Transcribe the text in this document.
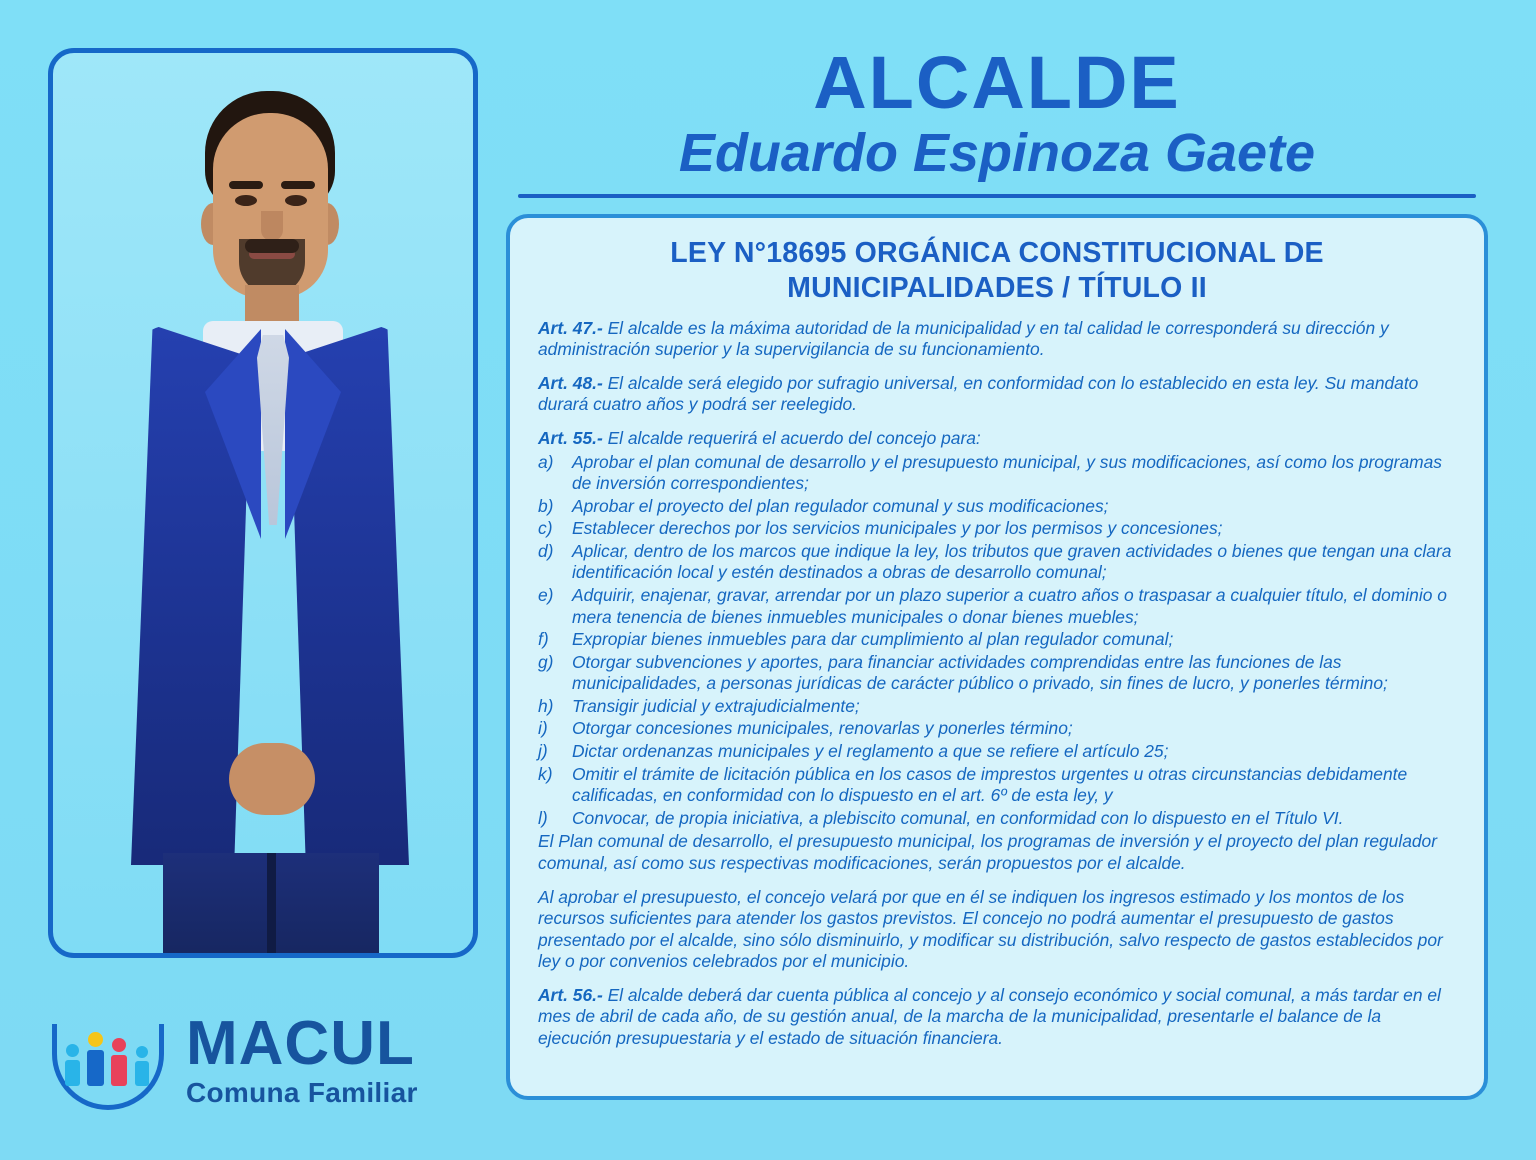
MACUL
Comuna Familiar
ALCALDE
Eduardo Espinoza Gaete
LEY N°18695 ORGÁNICA CONSTITUCIONAL DE MUNICIPALIDADES / TÍTULO II

Art. 47.- El alcalde es la máxima autoridad de la municipalidad y en tal calidad le corresponderá su dirección y administración superior y la supervigilancia de su funcionamiento.

Art. 48.- El alcalde será elegido por sufragio universal, en conformidad con lo establecido en esta ley. Su mandato durará cuatro años y podrá ser reelegido.

Art. 55.- El alcalde requerirá el acuerdo del concejo para:

a)	Aprobar el plan comunal de desarrollo y el presupuesto municipal, y sus modificaciones, así como los programas de inversión correspondientes;
b)	Aprobar el proyecto del plan regulador comunal y sus modificaciones;
c)	Establecer derechos por los servicios municipales y por los permisos y concesiones;
d)	Aplicar, dentro de los marcos que indique la ley, los tributos que graven actividades o bienes que tengan una clara identificación local y estén destinados a obras de desarrollo comunal;
e)	Adquirir, enajenar, gravar, arrendar por un plazo superior a cuatro años o traspasar a cualquier título, el dominio o mera tenencia de bienes inmuebles municipales o donar bienes muebles;
f)	Expropiar bienes inmuebles para dar cumplimiento al plan regulador comunal;
g)	Otorgar subvenciones y aportes, para financiar actividades comprendidas entre las funciones de las municipalidades, a personas jurídicas de carácter público o privado, sin fines de lucro, y ponerles término;
h)	Transigir judicial y extrajudicialmente;
i)	Otorgar concesiones municipales, renovarlas y ponerles término;
j)	Dictar ordenanzas municipales y el reglamento a que se refiere el artículo 25;
k)	Omitir el trámite de licitación pública en los casos de imprestos urgentes u otras circunstancias debidamente calificadas, en conformidad con lo dispuesto en el art. 6º de esta ley, y
l)	Convocar, de propia iniciativa, a plebiscito comunal, en conformidad con lo dispuesto en el Título VI.

El Plan comunal de desarrollo, el presupuesto municipal, los programas de inversión y el proyecto del plan regulador comunal, así como sus respectivas modificaciones, serán propuestos por el alcalde.

Al aprobar el presupuesto, el concejo velará por que en él se indiquen los ingresos estimado y los montos de los recursos suficientes para atender los gastos previstos. El concejo no podrá aumentar el presupuesto de gastos presentado por el alcalde, sino sólo disminuirlo, y modificar su distribución, salvo respecto de gastos establecidos por ley o por convenios celebrados por el municipio.

Art. 56.- El alcalde deberá dar cuenta pública al concejo y al consejo económico y social comunal, a más tardar en el mes de abril de cada año, de su gestión anual, de la marcha de la municipalidad, presentarle el balance de la ejecución presupuestaria y el estado de situación financiera.
